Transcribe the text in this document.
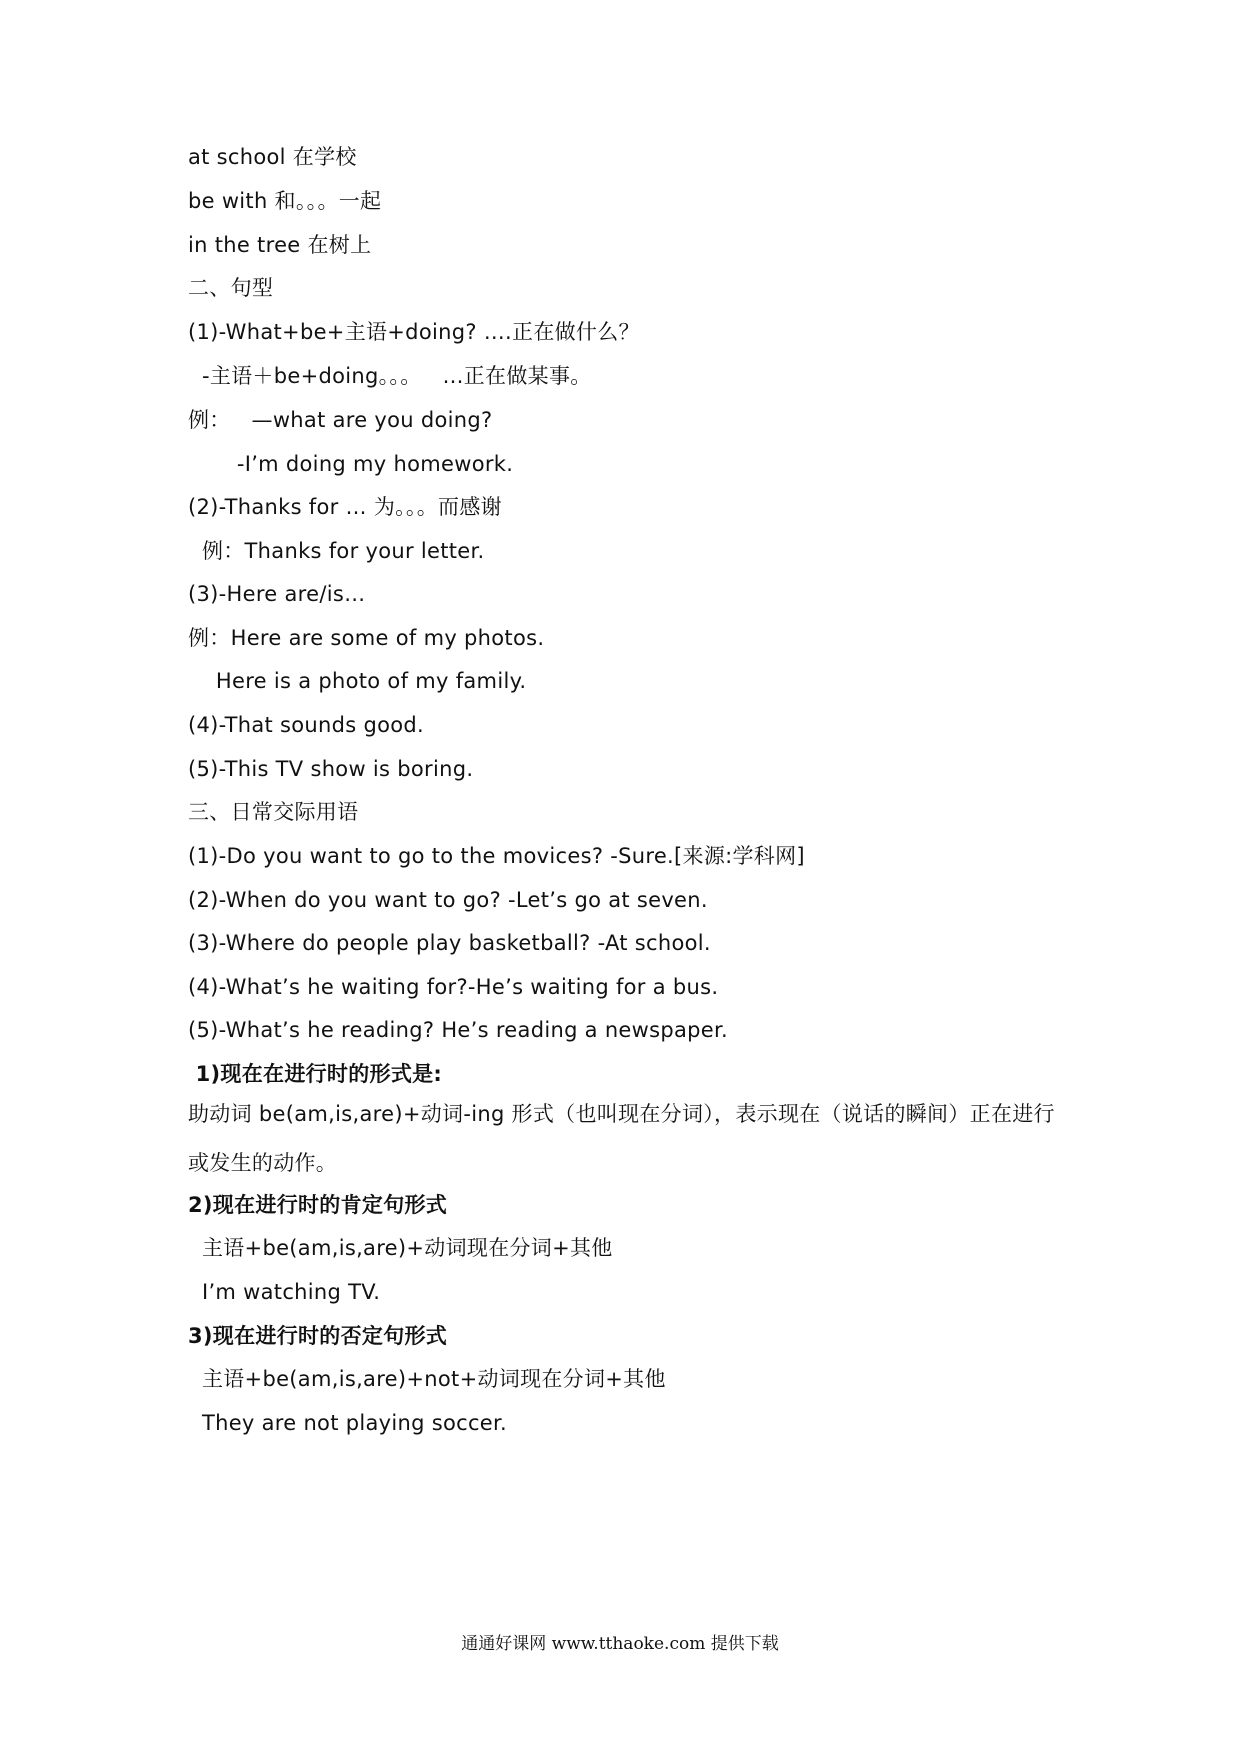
at school 在学校
be with 和。。。一起
in the tree 在树上
二、句型
(1)-What+be+主语+doing? ….正在做什么？
-主语＋be+doing。。。   …正在做某事。
例：   —what are you doing?
-I’m doing my homework.
(2)-Thanks for … 为。。。而感谢
例：Thanks for your letter.
(3)-Here are/is…
例：Here are some of my photos.
Here is a photo of my family.
(4)-That sounds good.
(5)-This TV show is boring.
三、日常交际用语
(1)-Do you want to go to the movices? -Sure.[来源:学科网]
(2)-When do you want to go? -Let’s go at seven.
(3)-Where do people play basketball? -At school.
(4)-What’s he waiting for?-He’s waiting for a bus.
(5)-What’s he reading? He’s reading a newspaper.
1)现在在进行时的形式是:
助动词 be(am,is,are)+动词-ing 形式（也叫现在分词），表示现在（说话的瞬间）正在进行或发生的动作。
2)现在进行时的肯定句形式
主语+be(am,is,are)+动词现在分词+其他
I’m watching TV.
3)现在进行时的否定句形式
主语+be(am,is,are)+not+动词现在分词+其他
They are not playing soccer.
通通好课网 www.tthaoke.com 提供下载
